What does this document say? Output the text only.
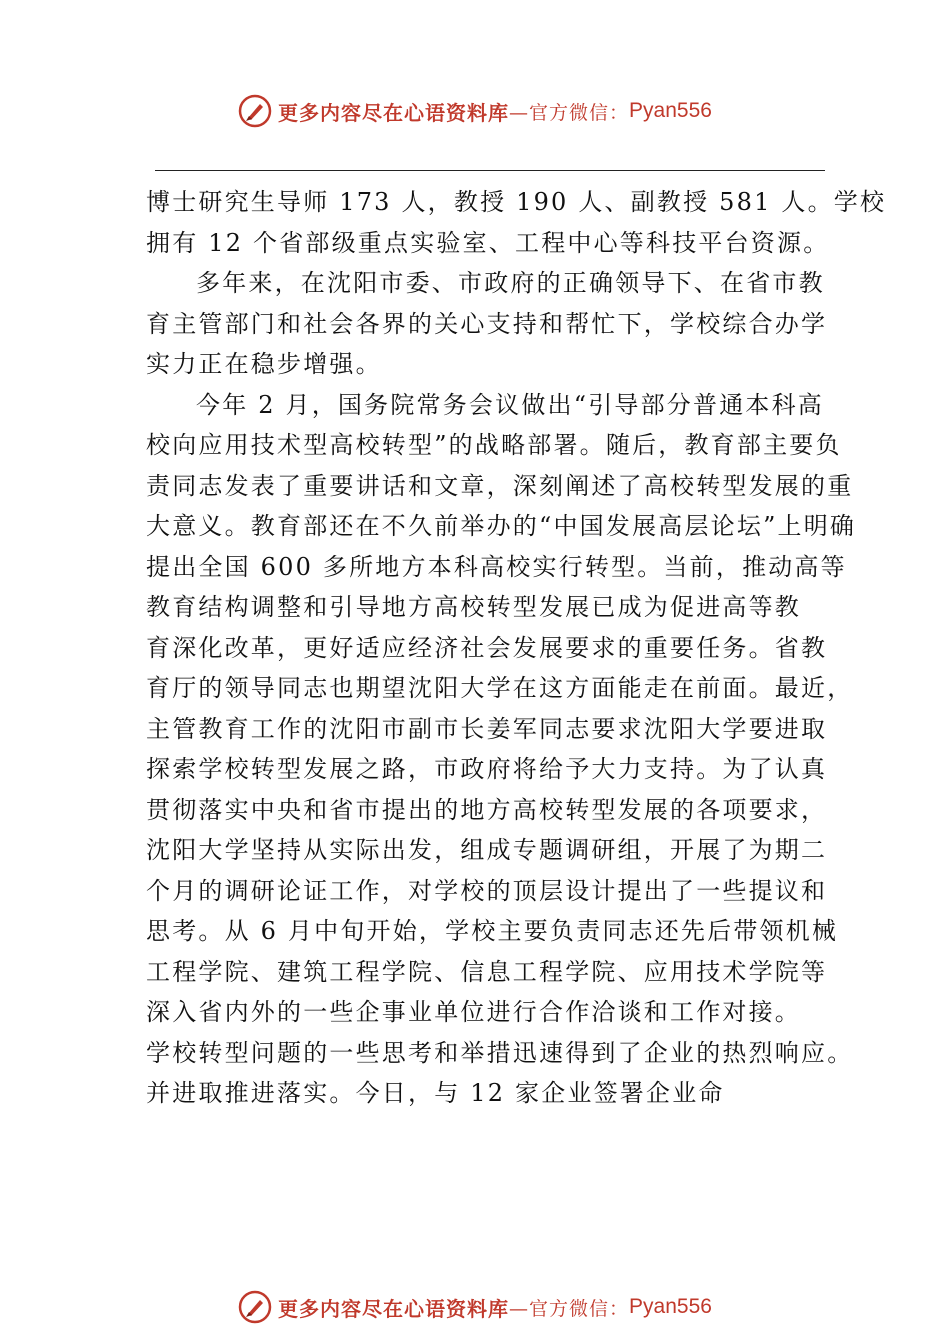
更多内容尽在心语资料库 —官方微信： Pyan556
博士研究生导师 173 人，教授 190 人、副教授 581 人。学校
拥有 12 个省部级重点实验室、工程中心等科技平台资源。
多年来，在沈阳市委、市政府的正确领导下、在省市教
育主管部门和社会各界的关心支持和帮忙下，学校综合办学
实力正在稳步增强。
今年 2 月，国务院常务会议做出“引导部分普通本科高
校向应用技术型高校转型”的战略部署。随后，教育部主要负
责同志发表了重要讲话和文章，深刻阐述了高校转型发展的重
大意义。教育部还在不久前举办的“中国发展高层论坛”上明确
提出全国 600 多所地方本科高校实行转型。当前，推动高等
教育结构调整和引导地方高校转型发展已成为促进高等教
育深化改革，更好适应经济社会发展要求的重要任务。省教
育厅的领导同志也期望沈阳大学在这方面能走在前面。最近，
主管教育工作的沈阳市副市长姜军同志要求沈阳大学要进取
探索学校转型发展之路，市政府将给予大力支持。为了认真
贯彻落实中央和省市提出的地方高校转型发展的各项要求，
沈阳大学坚持从实际出发，组成专题调研组，开展了为期二
个月的调研论证工作，对学校的顶层设计提出了一些提议和
思考。从 6 月中旬开始，学校主要负责同志还先后带领机械
工程学院、建筑工程学院、信息工程学院、应用技术学院等
深入省内外的一些企事业单位进行合作洽谈和工作对接。
学校转型问题的一些思考和举措迅速得到了企业的热烈响应。
并进取推进落实。今日，与 12 家企业签署企业命
更多内容尽在心语资料库 —官方微信： Pyan556
